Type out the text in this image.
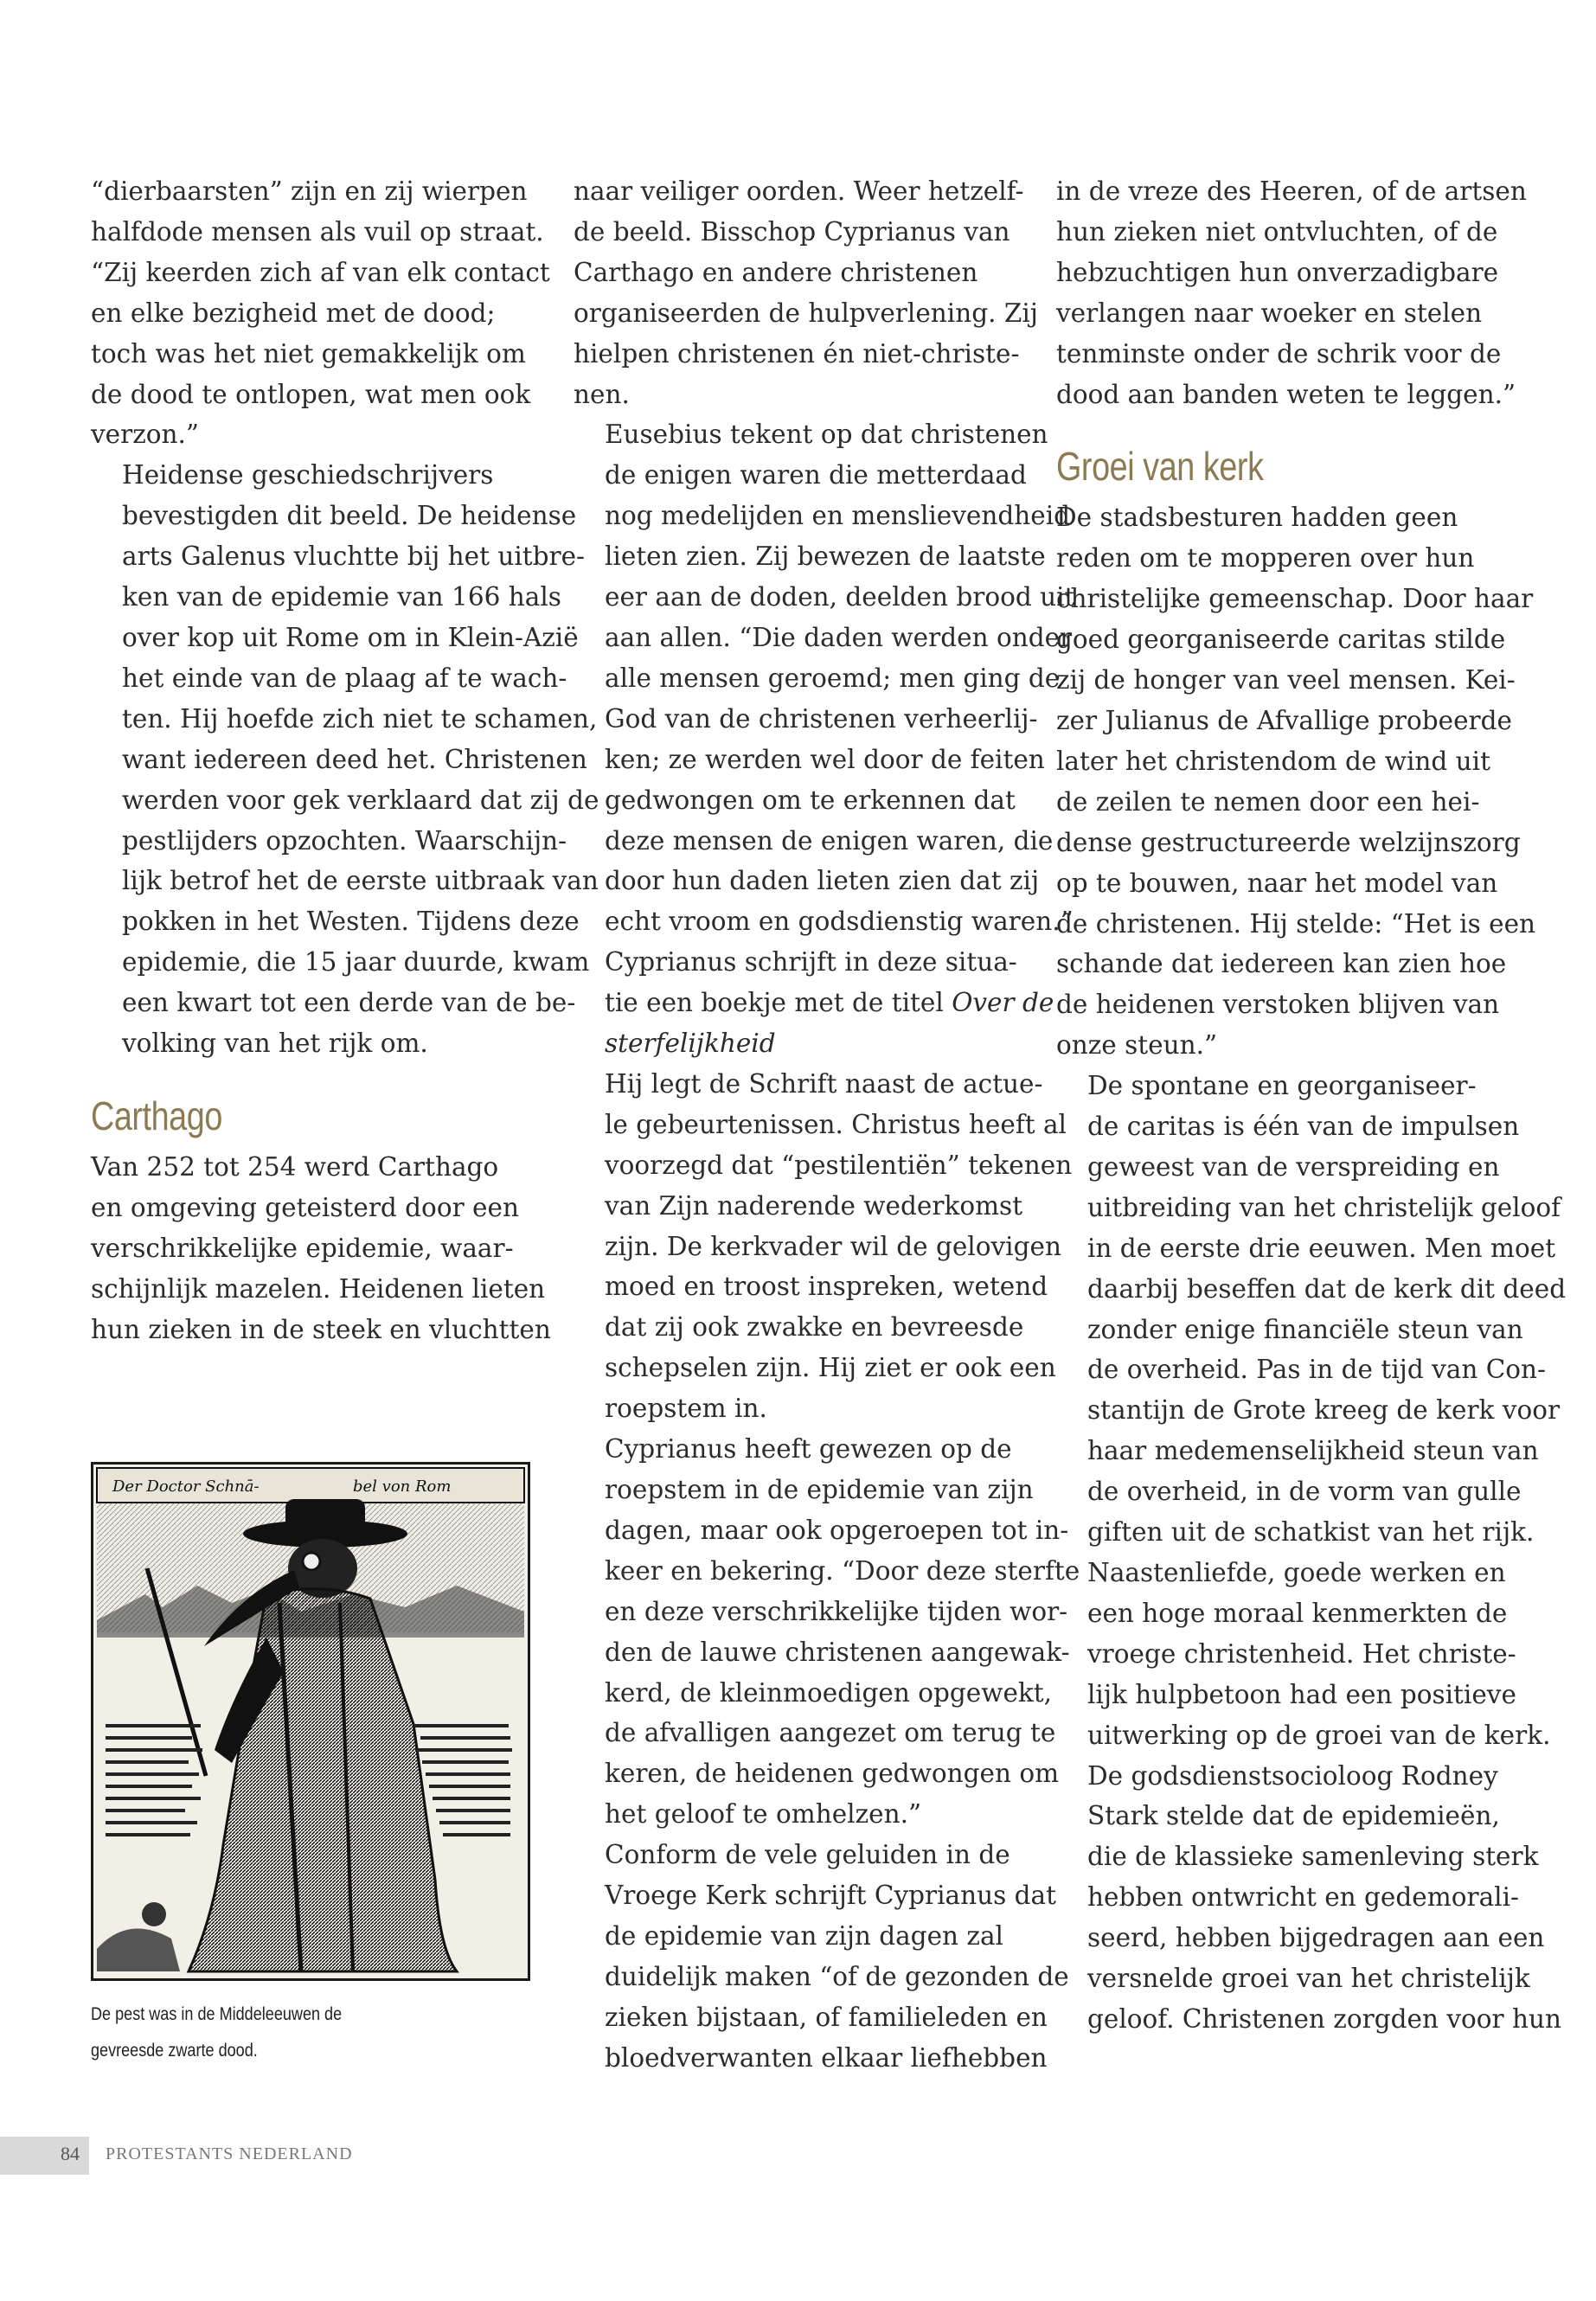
“dierbaarsten” zijn en zij wierpen
halfdode mensen als vuil op straat.
“Zij keerden zich af van elk contact
en elke bezigheid met de dood;
toch was het niet gemakkelijk om
de dood te ontlopen, wat men ook
verzon.”

Heidense geschiedschrijvers
bevestigden dit beeld. De heidense
arts Galenus vluchtte bij het uitbre-
ken van de epidemie van 166 hals
over kop uit Rome om in Klein-Azië
het einde van de plaag af te wach-
ten. Hij hoefde zich niet te schamen,
want iedereen deed het. Christenen
werden voor gek verklaard dat zij de
pestlijders opzochten. Waarschijn-
lijk betrof het de eerste uitbraak van
pokken in het Westen. Tijdens deze
epidemie, die 15 jaar duurde, kwam
een kwart tot een derde van de be-
volking van het rijk om.

Carthago

Van 252 tot 254 werd Carthago
en omgeving geteisterd door een
verschrikkelijke epidemie, waar-
schijnlijk mazelen. Heidenen lieten
hun zieken in de steek en vluchtten

Der Doctor Schnā-	bel von Rom
De pest was in de Middeleeuwen de
gevreesde zwarte dood.

naar veiliger oorden. Weer hetzelf-
de beeld. Bisschop Cyprianus van
Carthago en andere christenen
organiseerden de hulpverlening. Zij
hielpen christenen én niet-christe-
nen.

Eusebius tekent op dat christenen
de enigen waren die metterdaad
nog medelijden en menslievendheid
lieten zien. Zij bewezen de laatste
eer aan de doden, deelden brood uit
aan allen. “Die daden werden onder
alle mensen geroemd; men ging de
God van de christenen verheerlij-
ken; ze werden wel door de feiten
gedwongen om te erkennen dat
deze mensen de enigen waren, die
door hun daden lieten zien dat zij
echt vroom en godsdienstig waren.”

Cyprianus schrijft in deze situa-
tie een boekje met de titel Over de
sterfelijkheid

Hij legt de Schrift naast de actue-
le gebeurtenissen. Christus heeft al
voorzegd dat “pestilentiën” tekenen
van Zijn naderende wederkomst
zijn. De kerkvader wil de gelovigen
moed en troost inspreken, wetend
dat zij ook zwakke en bevreesde
schepselen zijn. Hij ziet er ook een
roepstem in.

Cyprianus heeft gewezen op de
roepstem in de epidemie van zijn
dagen, maar ook opgeroepen tot in-
keer en bekering. “Door deze sterfte
en deze verschrikkelijke tijden wor-
den de lauwe christenen aangewak-
kerd, de kleinmoedigen opgewekt,
de afvalligen aangezet om terug te
keren, de heidenen gedwongen om
het geloof te omhelzen.”

Conform de vele geluiden in de
Vroege Kerk schrijft Cyprianus dat
de epidemie van zijn dagen zal
duidelijk maken “of de gezonden de
zieken bijstaan, of familieleden en
bloedverwanten elkaar liefhebben

in de vreze des Heeren, of de artsen
hun zieken niet ontvluchten, of de
hebzuchtigen hun onverzadigbare
verlangen naar woeker en stelen
tenminste onder de schrik voor de
dood aan banden weten te leggen.”

Groei van kerk

De stadsbesturen hadden geen
reden om te mopperen over hun
christelijke gemeenschap. Door haar
goed georganiseerde caritas stilde
zij de honger van veel mensen. Kei-
zer Julianus de Afvallige probeerde
later het christendom de wind uit
de zeilen te nemen door een hei-
dense gestructureerde welzijnszorg
op te bouwen, naar het model van
de christenen. Hij stelde: “Het is een
schande dat iedereen kan zien hoe
de heidenen verstoken blijven van
onze steun.”

De spontane en georganiseer-
de caritas is één van de impulsen
geweest van de verspreiding en
uitbreiding van het christelijk geloof
in de eerste drie eeuwen. Men moet
daarbij beseffen dat de kerk dit deed
zonder enige financiële steun van
de overheid. Pas in de tijd van Con-
stantijn de Grote kreeg de kerk voor
haar medemenselijkheid steun van
de overheid, in de vorm van gulle
giften uit de schatkist van het rijk.

Naastenliefde, goede werken en
een hoge moraal kenmerkten de
vroege christenheid. Het christe-
lijk hulpbetoon had een positieve
uitwerking op de groei van de kerk.
De godsdienstsocioloog Rodney
Stark stelde dat de epidemieën,
die de klassieke samenleving sterk
hebben ontwricht en gedemorali-
seerd, hebben bijgedragen aan een
versnelde groei van het christelijk
geloof. Christenen zorgden voor hun

84 PROTESTANTS NEDERLAND
